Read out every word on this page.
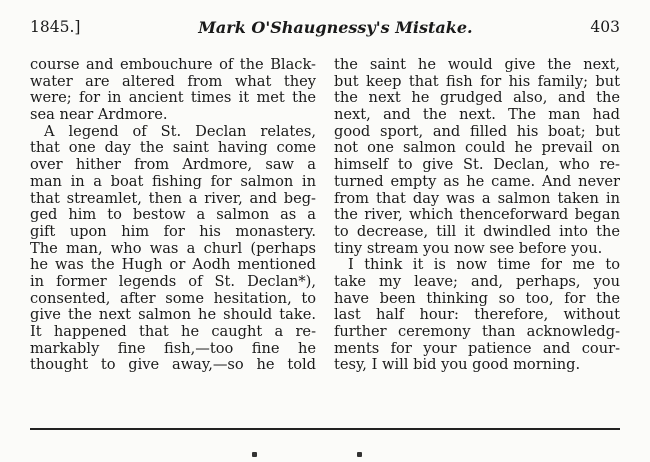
1845.]	Mark O'Shaugnessy's Mistake.	403
course and embouchure of the Black-
water are altered from what they
were; for in ancient times it met the
sea near Ardmore.
A legend of St. Declan relates,
that one day the saint having come
over hither from Ardmore, saw a
man in a boat fishing for salmon in
that streamlet, then a river, and beg-
ged him to bestow a salmon as a
gift upon him for his monastery.
The man, who was a churl (perhaps
he was the Hugh or Aodh mentioned
in former legends of St. Declan*),
consented, after some hesitation, to
give the next salmon he should take.
It happened that he caught a re-
markably fine fish,—too fine he
thought to give away,—so he told
the saint he would give the next,
but keep that fish for his family; but
the next he grudged also, and the
next, and the next. The man had
good sport, and filled his boat; but
not one salmon could he prevail on
himself to give St. Declan, who re-
turned empty as he came. And never
from that day was a salmon taken in
the river, which thenceforward began
to decrease, till it dwindled into the
tiny stream you now see before you.
I think it is now time for me to
take my leave; and, perhaps, you
have been thinking so too, for the
last half hour: therefore, without
further ceremony than acknowledg-
ments for your patience and cour-
tesy, I will bid you good morning.
